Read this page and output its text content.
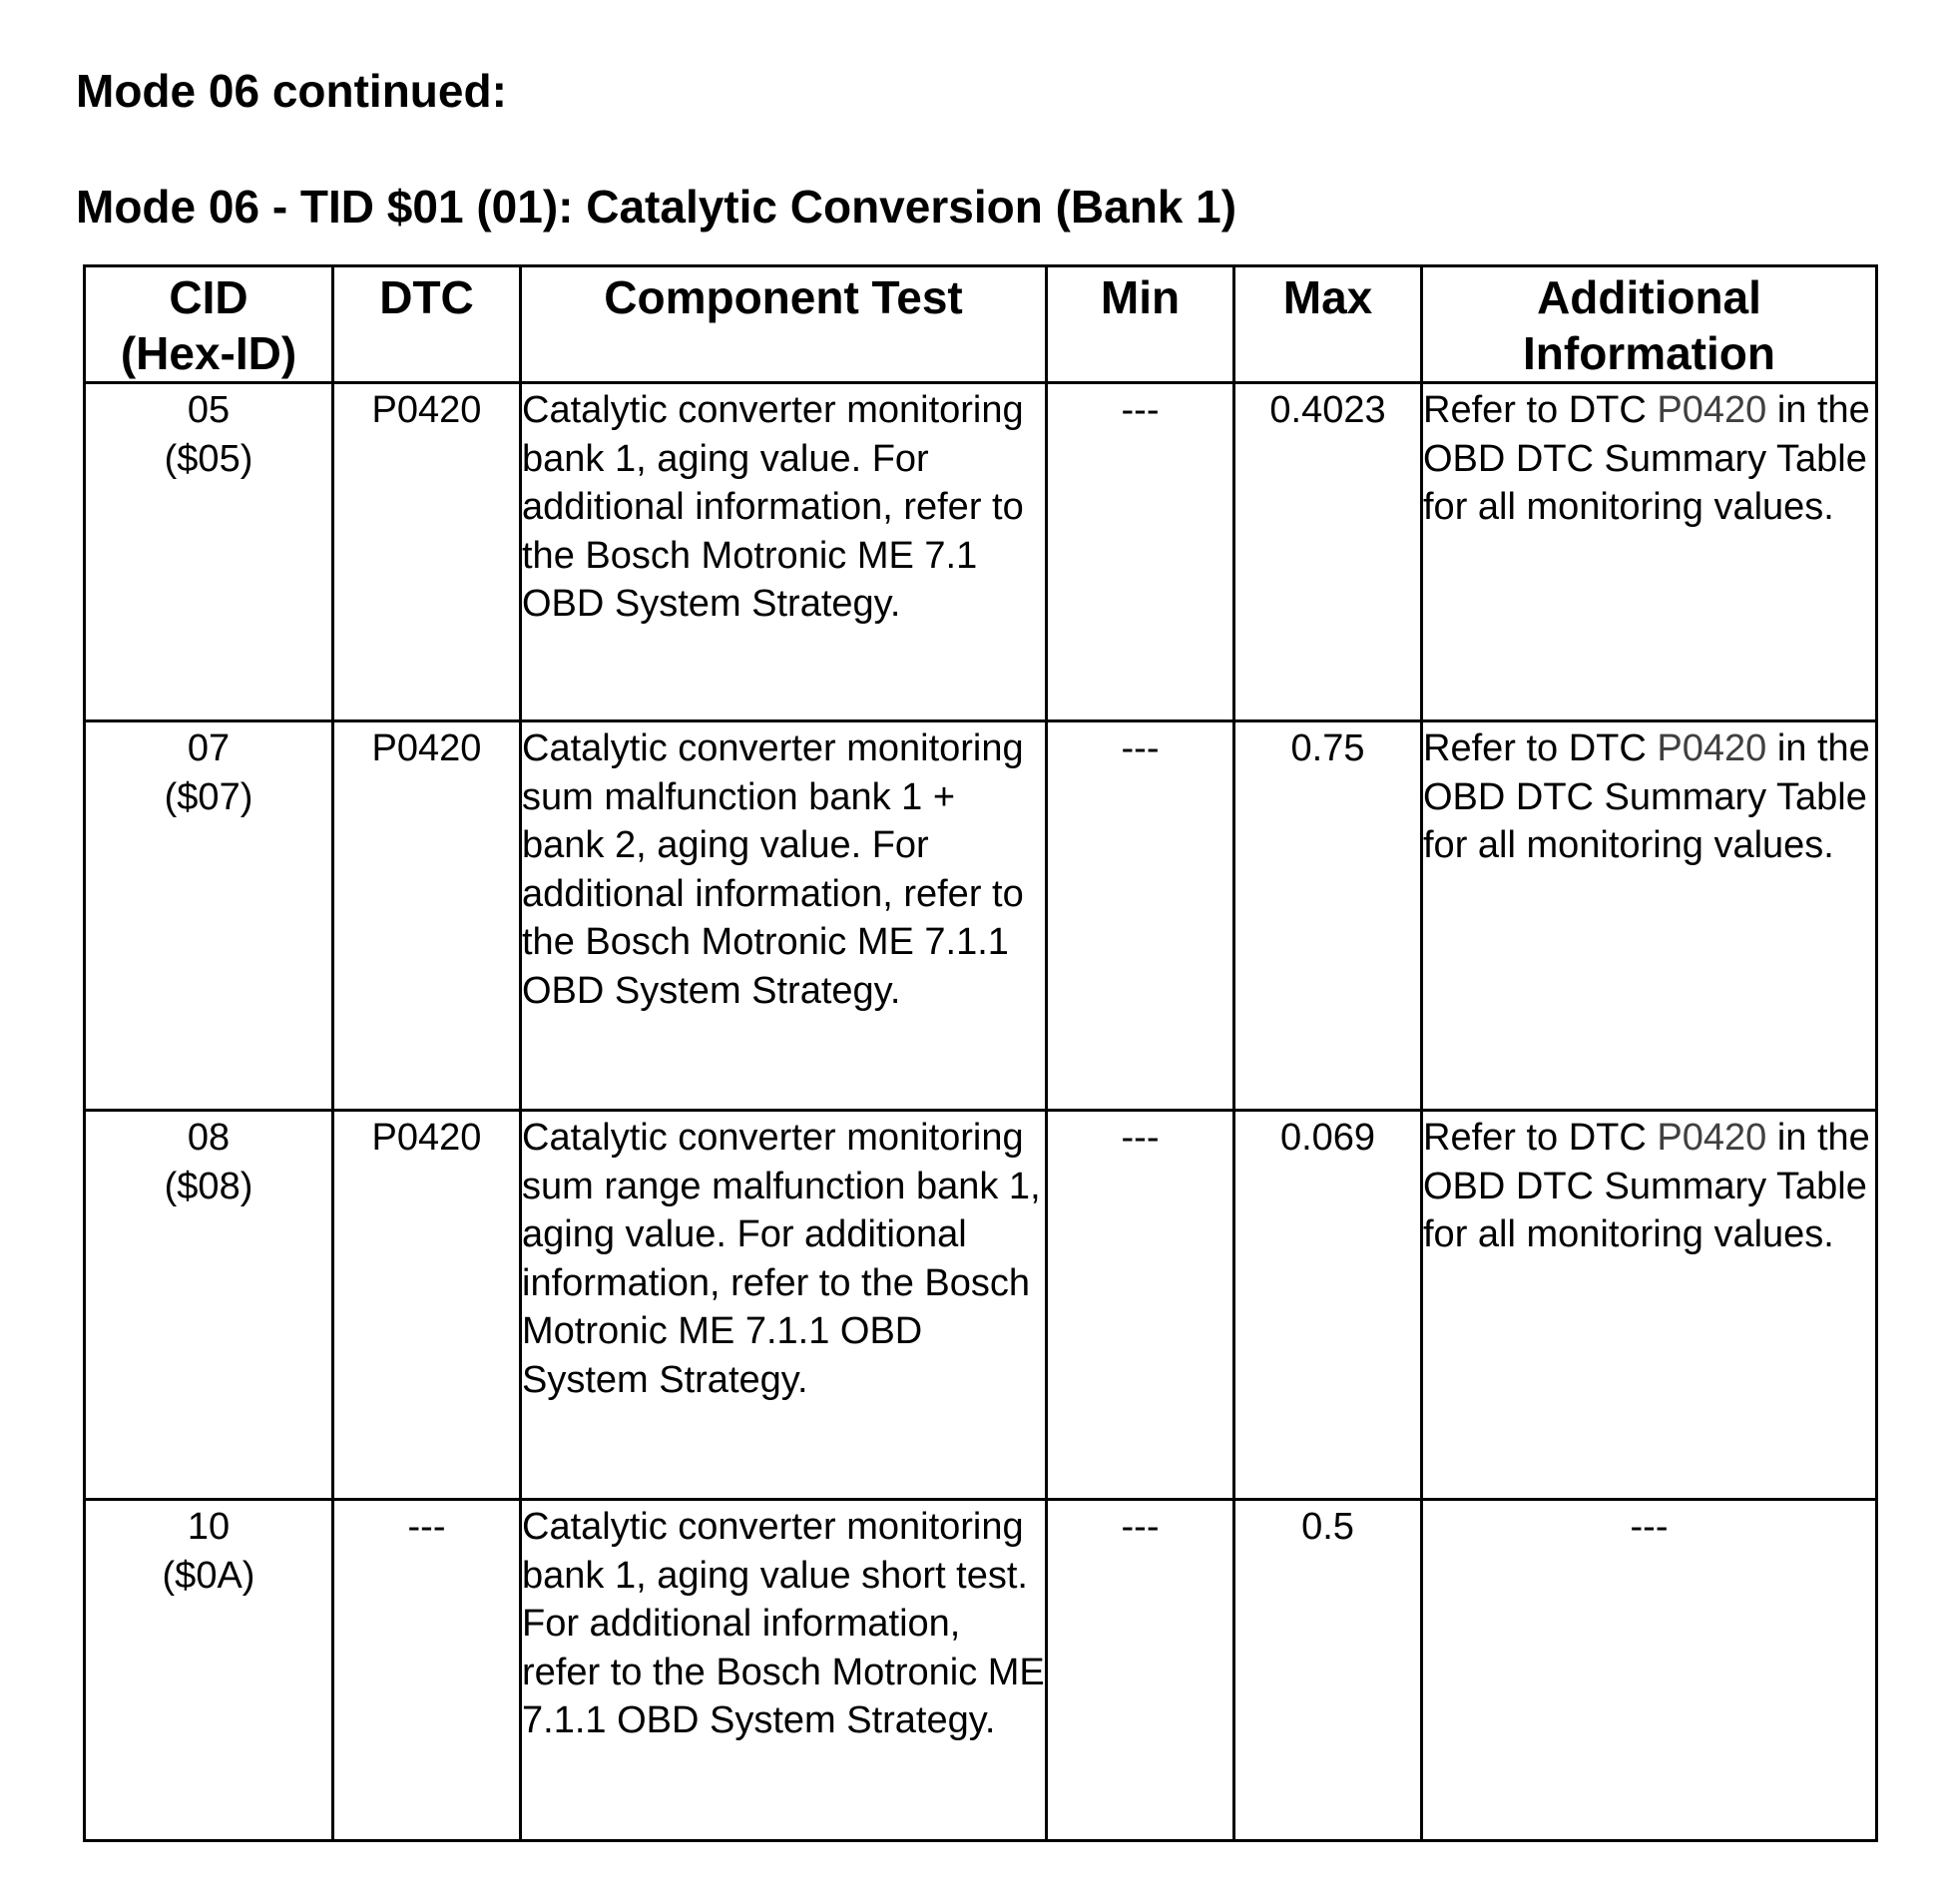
Mode 06 continued:
Mode 06 - TID $01 (01): Catalytic Conversion (Bank 1)
CID
(Hex-ID)	DTC	Component Test	Min	Max	Additional
Information

05
($05)	P0420	Catalytic converter monitoring bank 1, aging value. For additional information, refer to the Bosch Motronic ME 7.1 OBD System Strategy.	---	0.4023	Refer to DTC P0420 in the OBD DTC Summary Table for all monitoring values.

07
($07)	P0420	Catalytic converter monitoring sum malfunction bank 1 + bank 2, aging value. For additional information, refer to the Bosch Motronic ME 7.1.1 OBD System Strategy.	---	0.75	Refer to DTC P0420 in the OBD DTC Summary Table for all monitoring values.

08
($08)	P0420	Catalytic converter monitoring sum range malfunction bank 1, aging value. For additional information, refer to the Bosch Motronic ME 7.1.1 OBD System Strategy.	---	0.069	Refer to DTC P0420 in the OBD DTC Summary Table for all monitoring values.

10
($0A)	---	Catalytic converter monitoring bank 1, aging value short test. For additional information, refer to the Bosch Motronic ME 7.1.1 OBD System Strategy.	---	0.5	---
